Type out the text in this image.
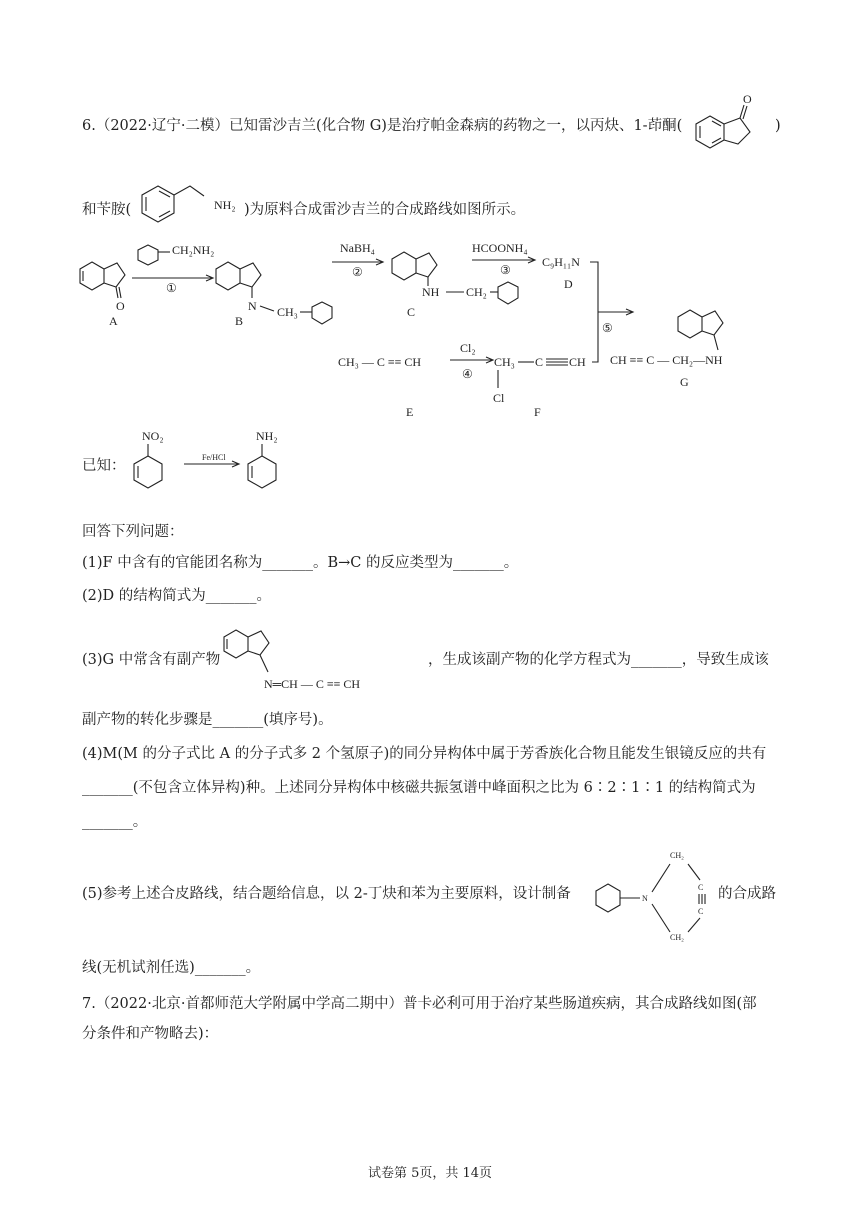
6.（2022·辽宁·二模）已知雷沙吉兰(化合物 G)是治疗帕金森病的药物之一，以丙炔、1-茚酮(
O
)
和苄胺(	NH₂ )为原料合成雷沙吉兰的合成路线如图所示。
O
A
CH₂NH₂
①
N CH₃
B
NaBH₄
②
NH CH₂
C
HCOONH₄
③
C₉H₁₁N
D
⑤
CH₃ — C ≡≡ CH
E
Cl₂
④
CH₃
Cl
C CH
F
CH ≡≡ C — CH₂—NH
G
已知：
NO₂
Fe/HCl
NH₂
回答下列问题：
(1)F 中含有的官能团名称为_______。B→C 的反应类型为_______。
(2)D 的结构简式为_______。
(3)G 中常含有副产物
N═CH — C ≡≡ CH
，生成该副产物的化学方程式为_______，导致生成该
副产物的转化步骤是_______(填序号)。
(4)M(M 的分子式比 A 的分子式多 2 个氢原子)的同分异构体中属于芳香族化合物且能发生银镜反应的共有
_______(不包含立体异构)种。上述同分异构体中核磁共振氢谱中峰面积之比为 6∶2∶1∶1 的结构简式为
_______。
(5)参考上述合皮路线，结合题给信息，以 2-丁炔和苯为主要原料，设计制备	N
CH₂
CH₂
C
C
的合成路
线(无机试剂任选)_______。
7.（2022·北京·首都师范大学附属中学高二期中）普卡必利可用于治疗某些肠道疾病，其合成路线如图(部
分条件和产物略去)：
试卷第 5页，共 14页
